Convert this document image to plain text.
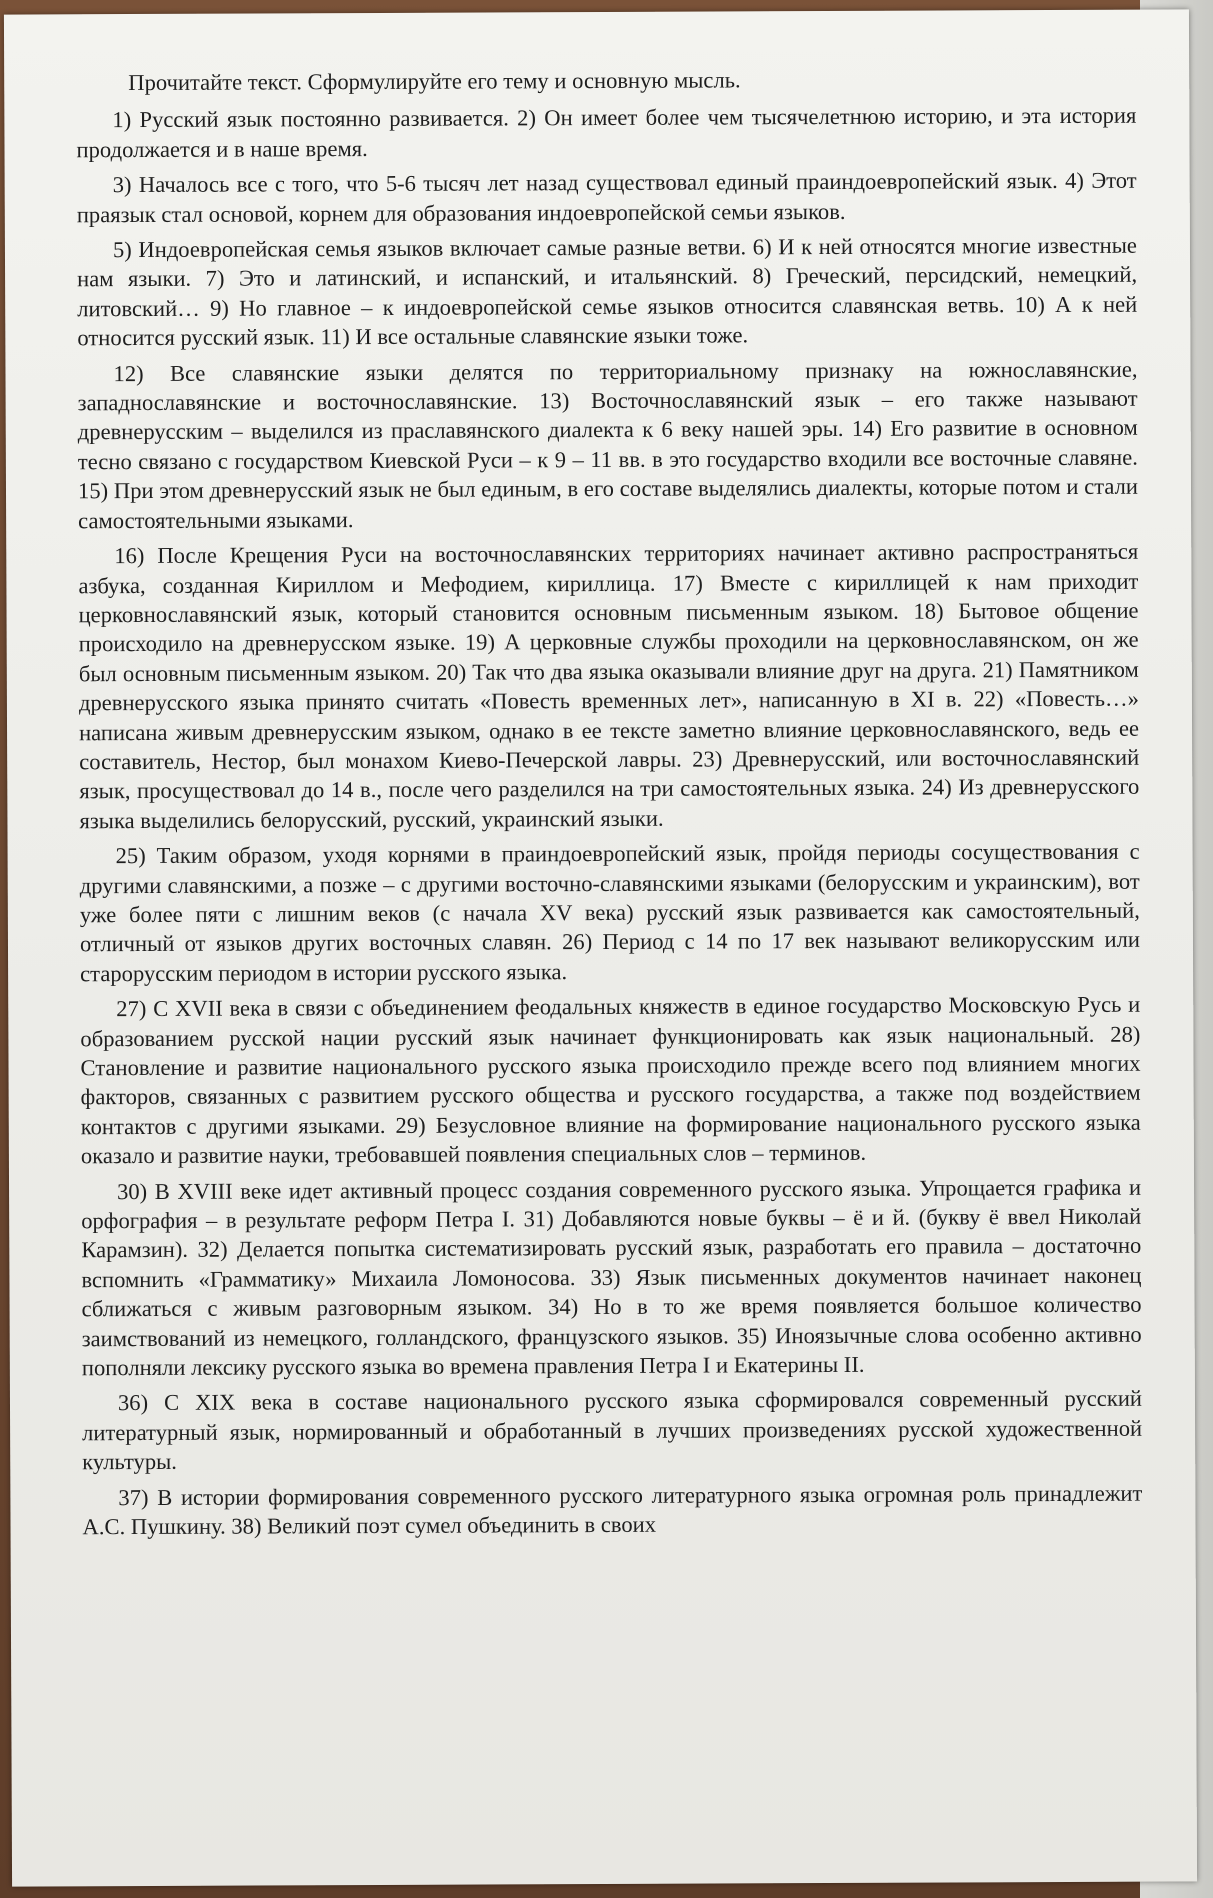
Прочитайте текст. Сформулируйте его тему и основную мысль.

1) Русский язык постоянно развивается. 2) Он имеет более чем тысячелетнюю историю, и эта история продолжается и в наше время.

3) Началось все с того, что 5-6 тысяч лет назад существовал единый праиндоевропейский язык. 4) Этот праязык стал основой, корнем для образования индоевропейской семьи языков.

5) Индоевропейская семья языков включает самые разные ветви. 6) И к ней относятся многие известные нам языки. 7) Это и латинский, и испанский, и итальянский. 8) Греческий, персидский, немецкий, литовский… 9) Но главное – к индоевропейской семье языков относится славянская ветвь. 10) А к ней относится русский язык. 11) И все остальные славянские языки тоже.

12) Все славянские языки делятся по территориальному признаку на южнославянские, западнославянские и восточнославянские. 13) Восточнославянский язык – его также называют древнерусским – выделился из праславянского диалекта к 6 веку нашей эры. 14) Его развитие в основном тесно связано с государством Киевской Руси – к 9 – 11 вв. в это государство входили все восточные славяне. 15) При этом древнерусский язык не был единым, в его составе выделялись диалекты, которые потом и стали самостоятельными языками.

16) После Крещения Руси на восточнославянских территориях начинает активно распространяться азбука, созданная Кириллом и Мефодием, кириллица. 17) Вместе с кириллицей к нам приходит церковнославянский язык, который становится основным письменным языком. 18) Бытовое общение происходило на древнерусском языке. 19) А церковные службы проходили на церковнославянском, он же был основным письменным языком. 20) Так что два языка оказывали влияние друг на друга. 21) Памятником древнерусского языка принято считать «Повесть временных лет», написанную в XI в. 22) «Повесть…» написана живым древнерусским языком, однако в ее тексте заметно влияние церковнославянского, ведь ее составитель, Нестор, был монахом Киево-Печерской лавры. 23) Древнерусский, или восточнославянский язык, просуществовал до 14 в., после чего разделился на три самостоятельных языка. 24) Из древнерусского языка выделились белорусский, русский, украинский языки.

25) Таким образом, уходя корнями в праиндоевропейский язык, пройдя периоды сосуществования с другими славянскими, а позже – с другими восточно-славянскими языками (белорусским и украинским), вот уже более пяти с лишним веков (с начала XV века) русский язык развивается как самостоятельный, отличный от языков других восточных славян. 26) Период с 14 по 17 век называют великорусским или старорусским периодом в истории русского языка.

27) С XVII века в связи с объединением феодальных княжеств в единое государство Московскую Русь и образованием русской нации русский язык начинает функционировать как язык национальный. 28) Становление и развитие национального русского языка происходило прежде всего под влиянием многих факторов, связанных с развитием русского общества и русского государства, а также под воздействием контактов с другими языками. 29) Безусловное влияние на формирование национального русского языка оказало и развитие науки, требовавшей появления специальных слов – терминов.

30) В XVIII веке идет активный процесс создания современного русского языка. Упрощается графика и орфография – в результате реформ Петра I. 31) Добавляются новые буквы – ё и й. (букву ё ввел Николай Карамзин). 32) Делается попытка систематизировать русский язык, разработать его правила – достаточно вспомнить «Грамматику» Михаила Ломоносова. 33) Язык письменных документов начинает наконец сближаться с живым разговорным языком. 34) Но в то же время появляется большое количество заимствований из немецкого, голландского, французского языков. 35) Иноязычные слова особенно активно пополняли лексику русского языка во времена правления Петра I и Екатерины II.

36) С XIX века в составе национального русского языка сформировался современный русский литературный язык, нормированный и обработанный в лучших произведениях русской художественной культуры.

37) В истории формирования современного русского литературного языка огромная роль принадлежит А.С. Пушкину. 38) Великий поэт сумел объединить в своих
